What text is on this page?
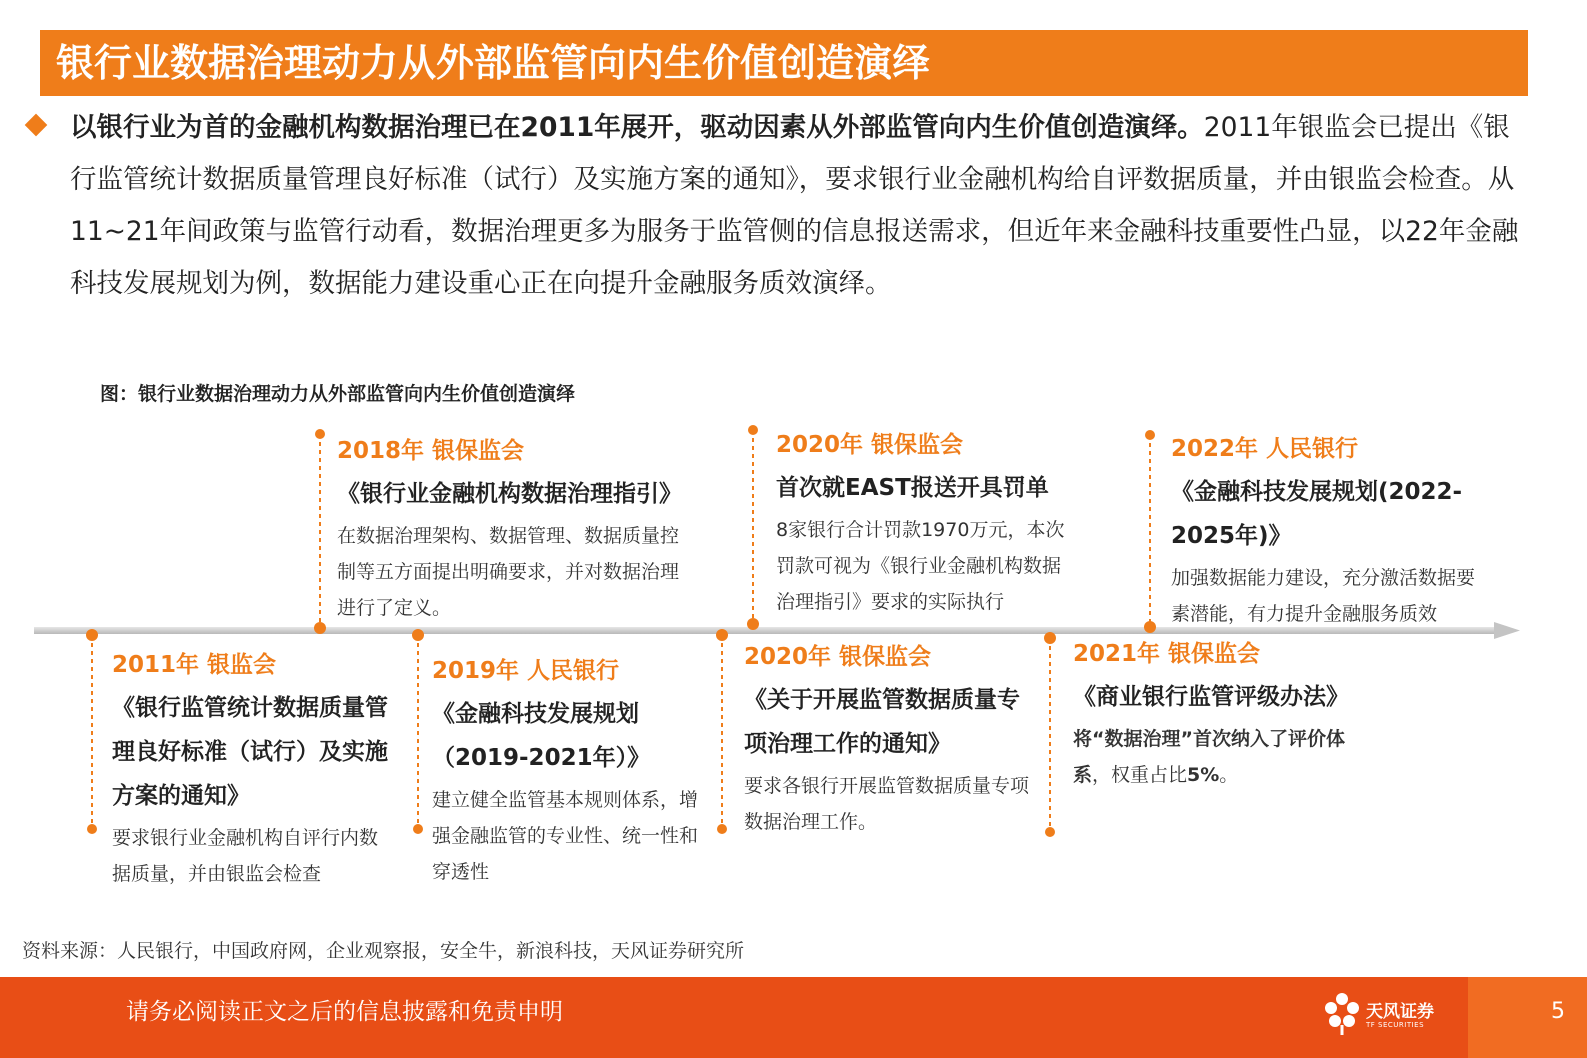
银行业数据治理动力从外部监管向内生价值创造演绎
以银行业为首的金融机构数据治理已在2011年展开，驱动因素从外部监管向内生价值创造演绎。2011年银监会已提出《银行监管统计数据质量管理良好标准（试行）及实施方案的通知》，要求银行业金融机构给自评数据质量，并由银监会检查。从11~21年间政策与监管行动看，数据治理更多为服务于监管侧的信息报送需求，但近年来金融科技重要性凸显，以22年金融科技发展规划为例，数据能力建设重心正在向提升金融服务质效演绎。
图：银行业数据治理动力从外部监管向内生价值创造演绎
2018年 银保监会
《银行业金融机构数据治理指引》
在数据治理架构、数据管理、数据质量控制等五方面提出明确要求，并对数据治理进行了定义。
2020年 银保监会
首次就EAST报送开具罚单
8家银行合计罚款1970万元，本次罚款可视为《银行业金融机构数据治理指引》要求的实际执行
2022年 人民银行
《金融科技发展规划(2022-2025年)》
加强数据能力建设，充分激活数据要素潜能，有力提升金融服务质效
2011年 银监会
《银行监管统计数据质量管理良好标准（试行）及实施方案的通知》
要求银行业金融机构自评行内数据质量，并由银监会检查
2019年 人民银行
《金融科技发展规划（2019-2021年）》
建立健全监管基本规则体系，增强金融监管的专业性、统一性和穿透性
2020年 银保监会
《关于开展监管数据质量专项治理工作的通知》
要求各银行开展监管数据质量专项数据治理工作。
2021年 银保监会
《商业银行监管评级办法》
将“数据治理”首次纳入了评价体系，权重占比5%。
资料来源：人民银行，中国政府网，企业观察报，安全牛，新浪科技，天风证券研究所
请务必阅读正文之后的信息披露和免责申明	天风证券
TF SECURITIES
5
